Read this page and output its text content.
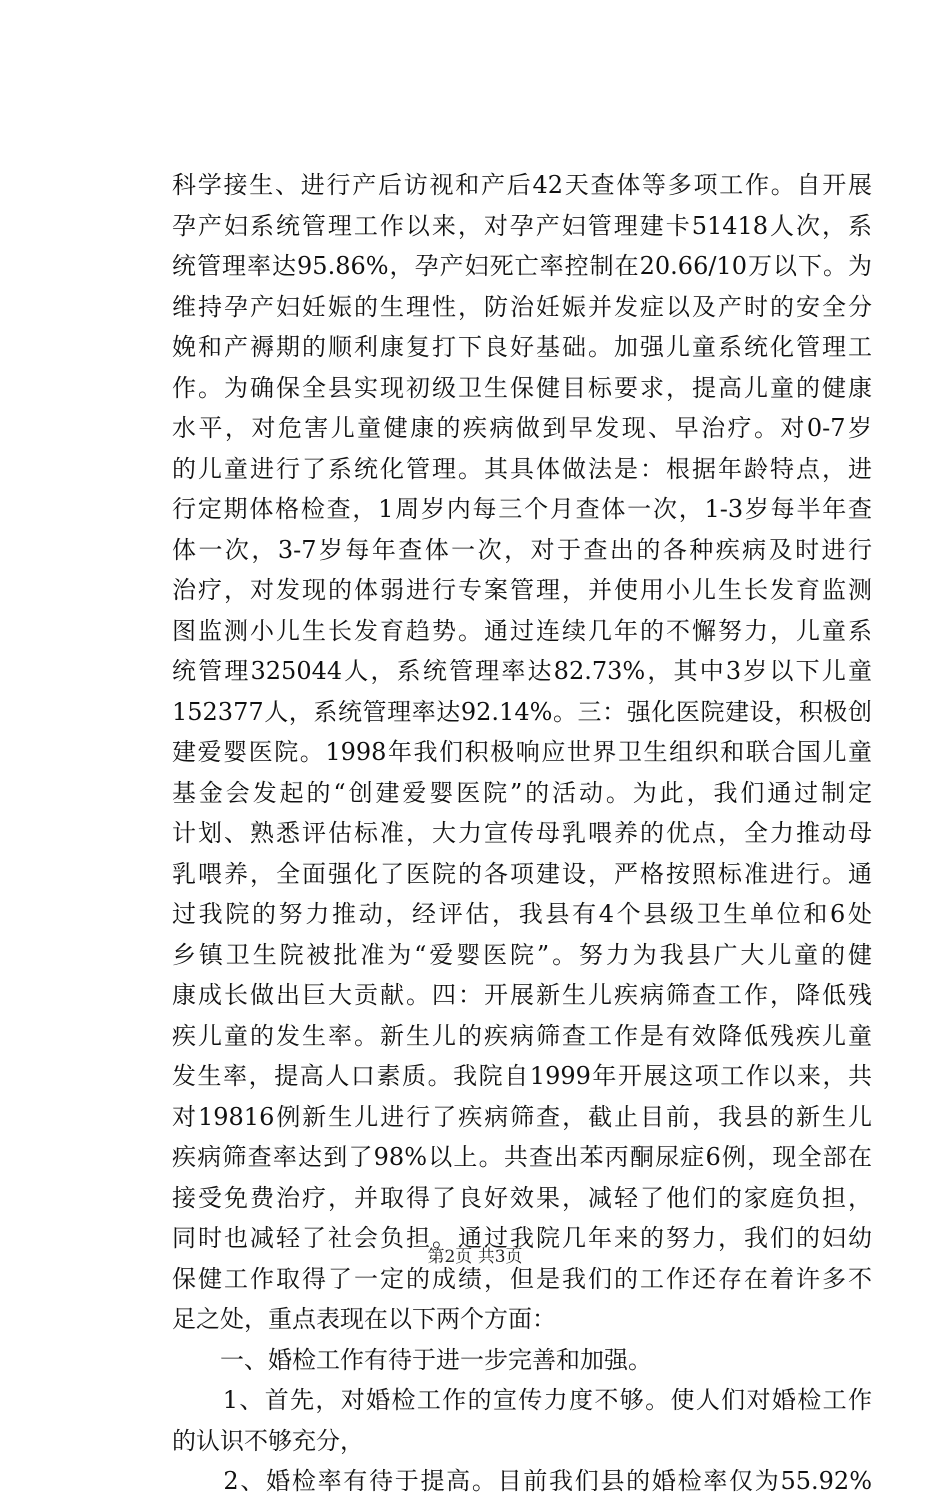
科学接生、进行产后访视和产后42天查体等多项工作。自开展
孕产妇系统管理工作以来，对孕产妇管理建卡51418人次，系
统管理率达95.86%，孕产妇死亡率控制在20.66/10万以下。为
维持孕产妇妊娠的生理性，防治妊娠并发症以及产时的安全分
娩和产褥期的顺利康复打下良好基础。加强儿童系统化管理工
作。为确保全县实现初级卫生保健目标要求，提高儿童的健康
水平，对危害儿童健康的疾病做到早发现、早治疗。对0-7岁
的儿童进行了系统化管理。其具体做法是：根据年龄特点，进
行定期体格检查，1周岁内每三个月查体一次，1-3岁每半年查
体一次，3-7岁每年查体一次，对于查出的各种疾病及时进行
治疗，对发现的体弱进行专案管理，并使用小儿生长发育监测
图监测小儿生长发育趋势。通过连续几年的不懈努力，儿童系
统管理325044人，系统管理率达82.73%，其中3岁以下儿童
152377人，系统管理率达92.14%。三：强化医院建设，积极创
建爱婴医院。1998年我们积极响应世界卫生组织和联合国儿童
基金会发起的“创建爱婴医院”的活动。为此，我们通过制定
计划、熟悉评估标准，大力宣传母乳喂养的优点，全力推动母
乳喂养，全面强化了医院的各项建设，严格按照标准进行。通
过我院的努力推动，经评估，我县有4个县级卫生单位和6处
乡镇卫生院被批准为“爱婴医院”。努力为我县广大儿童的健
康成长做出巨大贡献。四：开展新生儿疾病筛查工作，降低残
疾儿童的发生率。新生儿的疾病筛查工作是有效降低残疾儿童
发生率，提高人口素质。我院自1999年开展这项工作以来，共
对19816例新生儿进行了疾病筛查，截止目前，我县的新生儿
疾病筛查率达到了98%以上。共查出苯丙酮尿症6例，现全部在
接受免费治疗，并取得了良好效果，减轻了他们的家庭负担，
同时也减轻了社会负担。通过我院几年来的努力，我们的妇幼
保健工作取得了一定的成绩，但是我们的工作还存在着许多不
足之处，重点表现在以下两个方面：
　　一、婚检工作有待于进一步完善和加强。
　　1、首先，对婚检工作的宣传力度不够。使人们对婚检工作
的认识不够充分，
　　2、婚检率有待于提高。目前我们县的婚检率仅为55.92%
第2页 共3页
